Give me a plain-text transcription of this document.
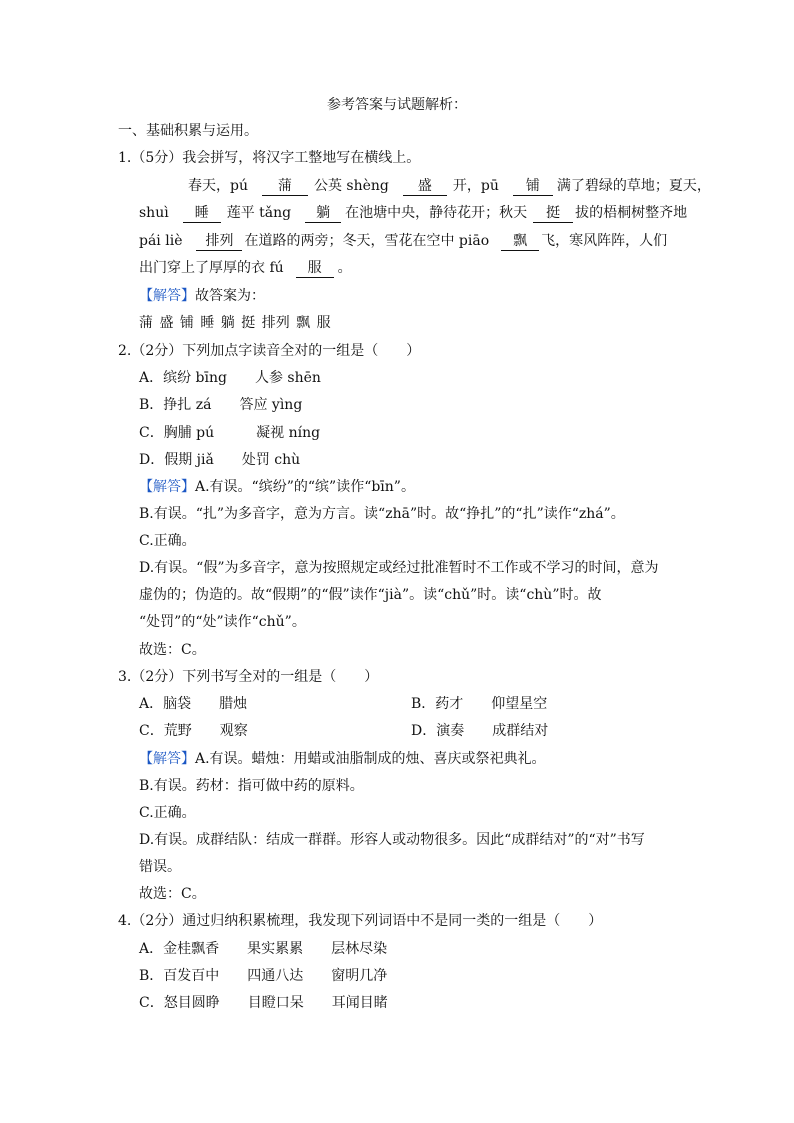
参考答案与试题解析：
一、基础积累与运用。
1.（5分）我会拼写，将汉字工整地写在横线上。
春天，pú 蒲 公英 shèng 盛 开，pū 铺 满了碧绿的草地；夏天，
shuì 睡 莲平 tǎng 躺 在池塘中央，静待花开；秋天 挺 拔的梧桐树整齐地
pái liè 排列 在道路的两旁；冬天，雪花在空中 piāo 飘 飞，寒风阵阵，人们
出门穿上了厚厚的衣 fú 服 。
【解答】故答案为：
蒲 盛 铺 睡 躺 挺 排列 飘 服
2.（2分）下列加点字读音全对的一组是（　　）
A．缤纷 bīng　　人参 shēn
B．挣扎 zá　　答应 yìng
C．胸脯 pú　　　凝视 níng
D．假期 jiǎ　　处罚 chù
【解答】A.有误。“缤纷”的“缤”读作“bīn”。
B.有误。“扎”为多音字，意为方言。读“zhā”时。故“挣扎”的“扎”读作“zhá”。
C.正确。
D.有误。“假”为多音字，意为按照规定或经过批准暂时不工作或不学习的时间，意为
虚伪的；伪造的。故“假期”的“假”读作“jià”。读“chǔ”时。读“chù”时。故
“处罚”的“处”读作“chǔ”。
故选：C。
3.（2分）下列书写全对的一组是（　　）
A．脑袋　　腊烛	B．药才　　仰望星空
C．荒野　　观察	D．演奏　　成群结对
【解答】A.有误。蜡烛：用蜡或油脂制成的烛、喜庆或祭祀典礼。
B.有误。药材：指可做中药的原料。
C.正确。
D.有误。成群结队：结成一群群。形容人或动物很多。因此“成群结对”的“对”书写
错误。
故选：C。
4.（2分）通过归纳积累梳理，我发现下列词语中不是同一类的一组是（　　）
A．金桂飘香　　果实累累　　层林尽染
B．百发百中　　四通八达　　窗明几净
C．怒目圆睁　　目瞪口呆　　耳闻目睹
